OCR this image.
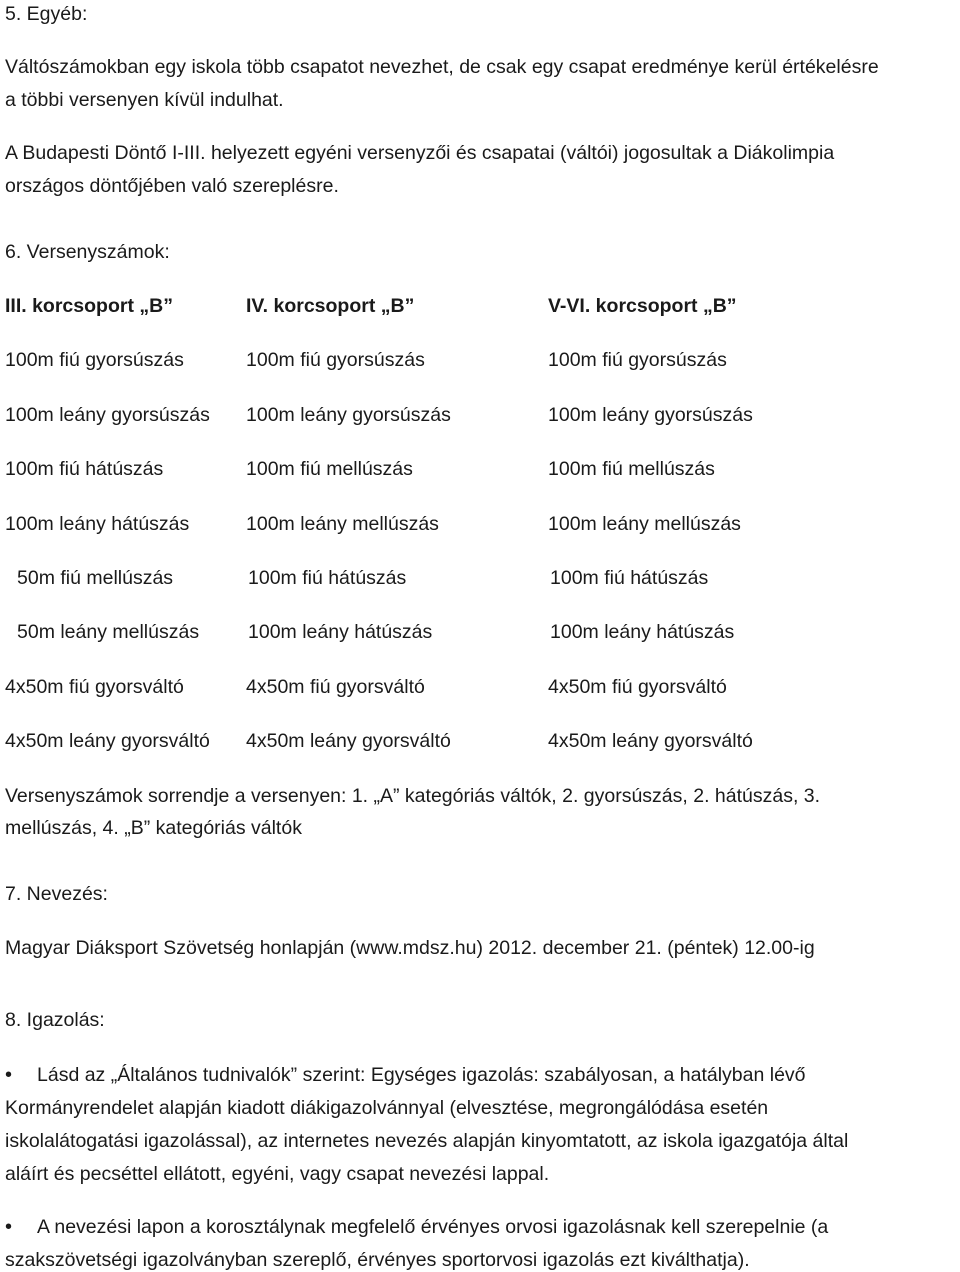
5. Egyéb:
Váltószámokban egy iskola több csapatot nevezhet, de csak egy csapat eredménye kerül értékelésre
a többi versenyen kívül indulhat.
A Budapesti Döntő I-III. helyezett egyéni versenyzői és csapatai (váltói) jogosultak a Diákolimpia
országos döntőjében való szereplésre.
6. Versenyszámok:
III. korcsoport „B”	IV. korcsoport „B”	V-VI. korcsoport „B”
100m fiú gyorsúszás
100m leány gyorsúszás
100m fiú hátúszás
100m leány hátúszás
50m fiú mellúszás
50m leány mellúszás
4x50m fiú gyorsváltó
4x50m leány gyorsváltó
100m fiú gyorsúszás
100m leány gyorsúszás
100m fiú mellúszás
100m leány mellúszás
100m fiú hátúszás
100m leány hátúszás
4x50m fiú gyorsváltó
4x50m leány gyorsváltó
100m fiú gyorsúszás
100m leány gyorsúszás
100m fiú mellúszás
100m leány mellúszás
100m fiú hátúszás
100m leány hátúszás
4x50m fiú gyorsváltó
4x50m leány gyorsváltó
Versenyszámok sorrendje a versenyen: 1. „A” kategóriás váltók, 2. gyorsúszás, 2. hátúszás, 3.
mellúszás, 4. „B” kategóriás váltók
7. Nevezés:
Magyar Diáksport Szövetség honlapján (www.mdsz.hu) 2012. december 21. (péntek) 12.00-ig
8. Igazolás:
• Lásd az „Általános tudnivalók” szerint: Egységes igazolás: szabályosan, a hatályban lévő
Kormányrendelet alapján kiadott diákigazolvánnyal (elvesztése, megrongálódása esetén
iskolalátogatási igazolással), az internetes nevezés alapján kinyomtatott, az iskola igazgatója által
aláírt és pecséttel ellátott, egyéni, vagy csapat nevezési lappal.
• A nevezési lapon a korosztálynak megfelelő érvényes orvosi igazolásnak kell szerepelnie (a
szakszövetségi igazolványban szereplő, érvényes sportorvosi igazolás ezt kiválthatja).
